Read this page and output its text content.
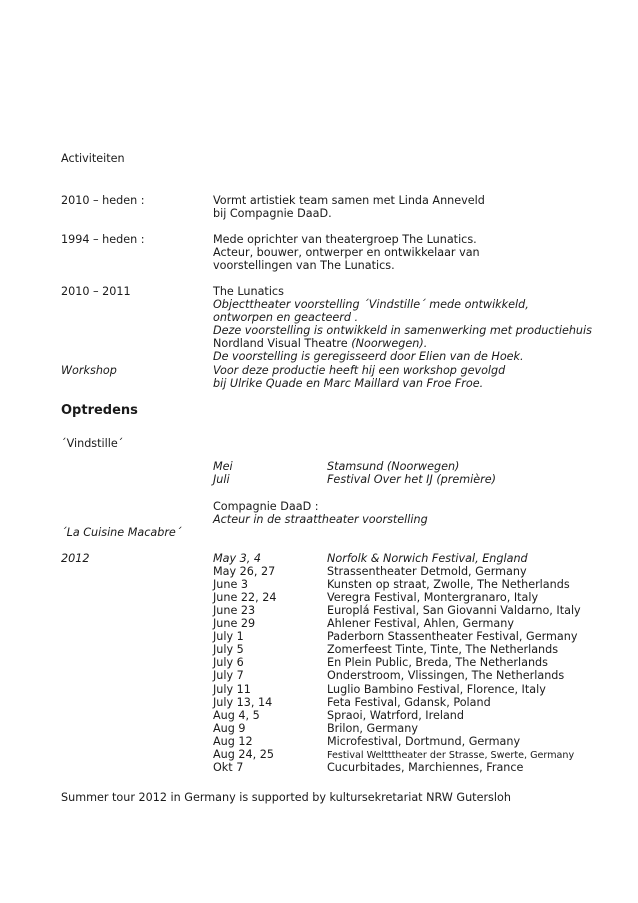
Activiteiten
2010 – heden :	Vormt artistiek team samen met Linda Anneveld
bij Compagnie DaaD.
1994 – heden :	Mede oprichter van theatergroep The Lunatics.
Acteur, bouwer, ontwerper en ontwikkelaar van
voorstellingen van The Lunatics.
2010 – 2011	The Lunatics
Objecttheater voorstelling ´Vindstille´ mede ontwikkeld,
ontworpen en geacteerd .
Deze voorstelling is ontwikkeld in samenwerking met productiehuis
Nordland Visual Theatre (Noorwegen).
De voorstelling is geregisseerd door Elien van de Hoek.
Workshop	Voor deze productie heeft hij een workshop gevolgd
bij Ulrike Quade en Marc Maillard van Froe Froe.
Optredens
´Vindstille´
Mei	Stamsund (Noorwegen)
Juli	Festival Over het IJ (première)
Compagnie DaaD :
Acteur in de straattheater voorstelling
´La Cuisine Macabre´
2012	May 3, 4	Norfolk & Norwich Festival, England
May 26, 27	Strassentheater Detmold, Germany
June 3	Kunsten op straat, Zwolle, The Netherlands
June 22, 24	Veregra Festival, Montergranaro, Italy
June 23	Europlá Festival, San Giovanni Valdarno, Italy
June 29	Ahlener Festival, Ahlen, Germany
July 1	Paderborn Stassentheater Festival, Germany
July 5	Zomerfeest Tinte, Tinte, The Netherlands
July 6	En Plein Public, Breda, The Netherlands
July 7	Onderstroom, Vlissingen, The Netherlands
July 11	Luglio Bambino Festival, Florence, Italy
July 13, 14	Feta Festival, Gdansk, Poland
Aug 4, 5	Spraoi, Watrford, Ireland
Aug 9	Brilon, Germany
Aug 12	Microfestival, Dortmund, Germany
Aug 24, 25	Festival Weltttheater der Strasse, Swerte, Germany
Okt 7	Cucurbitades, Marchiennes, France
Summer tour 2012 in Germany is supported by kultursekretariat NRW Gutersloh
